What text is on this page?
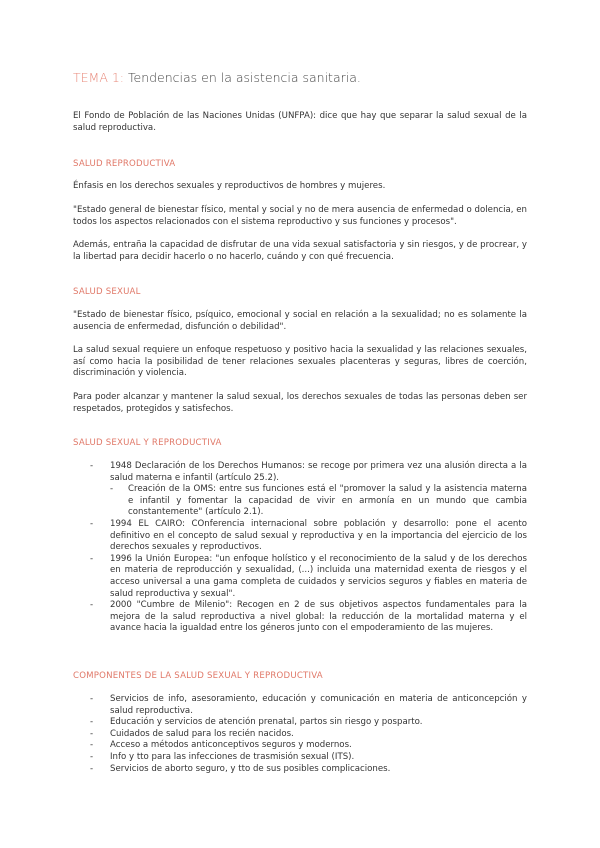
TEMA 1: Tendencias en la asistencia sanitaria.

El Fondo de Población de las Naciones Unidas (UNFPA): dice que hay que separar la salud sexual de la salud reproductiva.

SALUD REPRODUCTIVA

Énfasis en los derechos sexuales y reproductivos de hombres y mujeres.

"Estado general de bienestar físico, mental y social y no de mera ausencia de enfermedad o dolencia, en todos los aspectos relacionados con el sistema reproductivo y sus funciones y procesos".

Además, entraña la capacidad de disfrutar de una vida sexual satisfactoria y sin riesgos, y de procrear, y la libertad para decidir hacerlo o no hacerlo, cuándo y con qué frecuencia.

SALUD SEXUAL

"Estado de bienestar físico, psíquico, emocional y social en relación a la sexualidad; no es solamente la ausencia de enfermedad, disfunción o debilidad".

La salud sexual requiere un enfoque respetuoso y positivo hacia la sexualidad y las relaciones sexuales, así como hacia la posibilidad de tener relaciones sexuales placenteras y seguras, libres de coerción, discriminación y violencia.

Para poder alcanzar y mantener la salud sexual, los derechos sexuales de todas las personas deben ser respetados, protegidos y satisfechos.

SALUD SEXUAL Y REPRODUCTIVA

- 1948 Declaración de los Derechos Humanos: se recoge por primera vez una alusión directa a la salud materna e infantil (artículo 25.2).
- Creación de la OMS: entre sus funciones está el "promover la salud y la asistencia materna e infantil y fomentar la capacidad de vivir en armonía en un mundo que cambia constantemente" (artículo 2.1).
- 1994 EL CAIRO: COnferencia internacional sobre población y desarrollo: pone el acento definitivo en el concepto de salud sexual y reproductiva y en la importancia del ejercicio de los derechos sexuales y reproductivos.
- 1996 la Unión Europea: "un enfoque holístico y el reconocimiento de la salud y de los derechos en materia de reproducción y sexualidad, (...) incluida una maternidad exenta de riesgos y el acceso universal a una gama completa de cuidados y servicios seguros y fiables en materia de salud reproductiva y sexual".
- 2000 "Cumbre de Milenio": Recogen en 2 de sus objetivos aspectos fundamentales para la mejora de la salud reproductiva a nivel global: la reducción de la mortalidad materna y el avance hacia la igualdad entre los géneros junto con el empoderamiento de las mujeres.

COMPONENTES DE LA SALUD SEXUAL Y REPRODUCTIVA

- Servicios de info, asesoramiento, educación y comunicación en materia de anticoncepción y salud reproductiva.
- Educación y servicios de atención prenatal, partos sin riesgo y posparto.
- Cuidados de salud para los recién nacidos.
- Acceso a métodos anticonceptivos seguros y modernos.
- Info y tto para las infecciones de trasmisión sexual (ITS).
- Servicios de aborto seguro, y tto de sus posibles complicaciones.
